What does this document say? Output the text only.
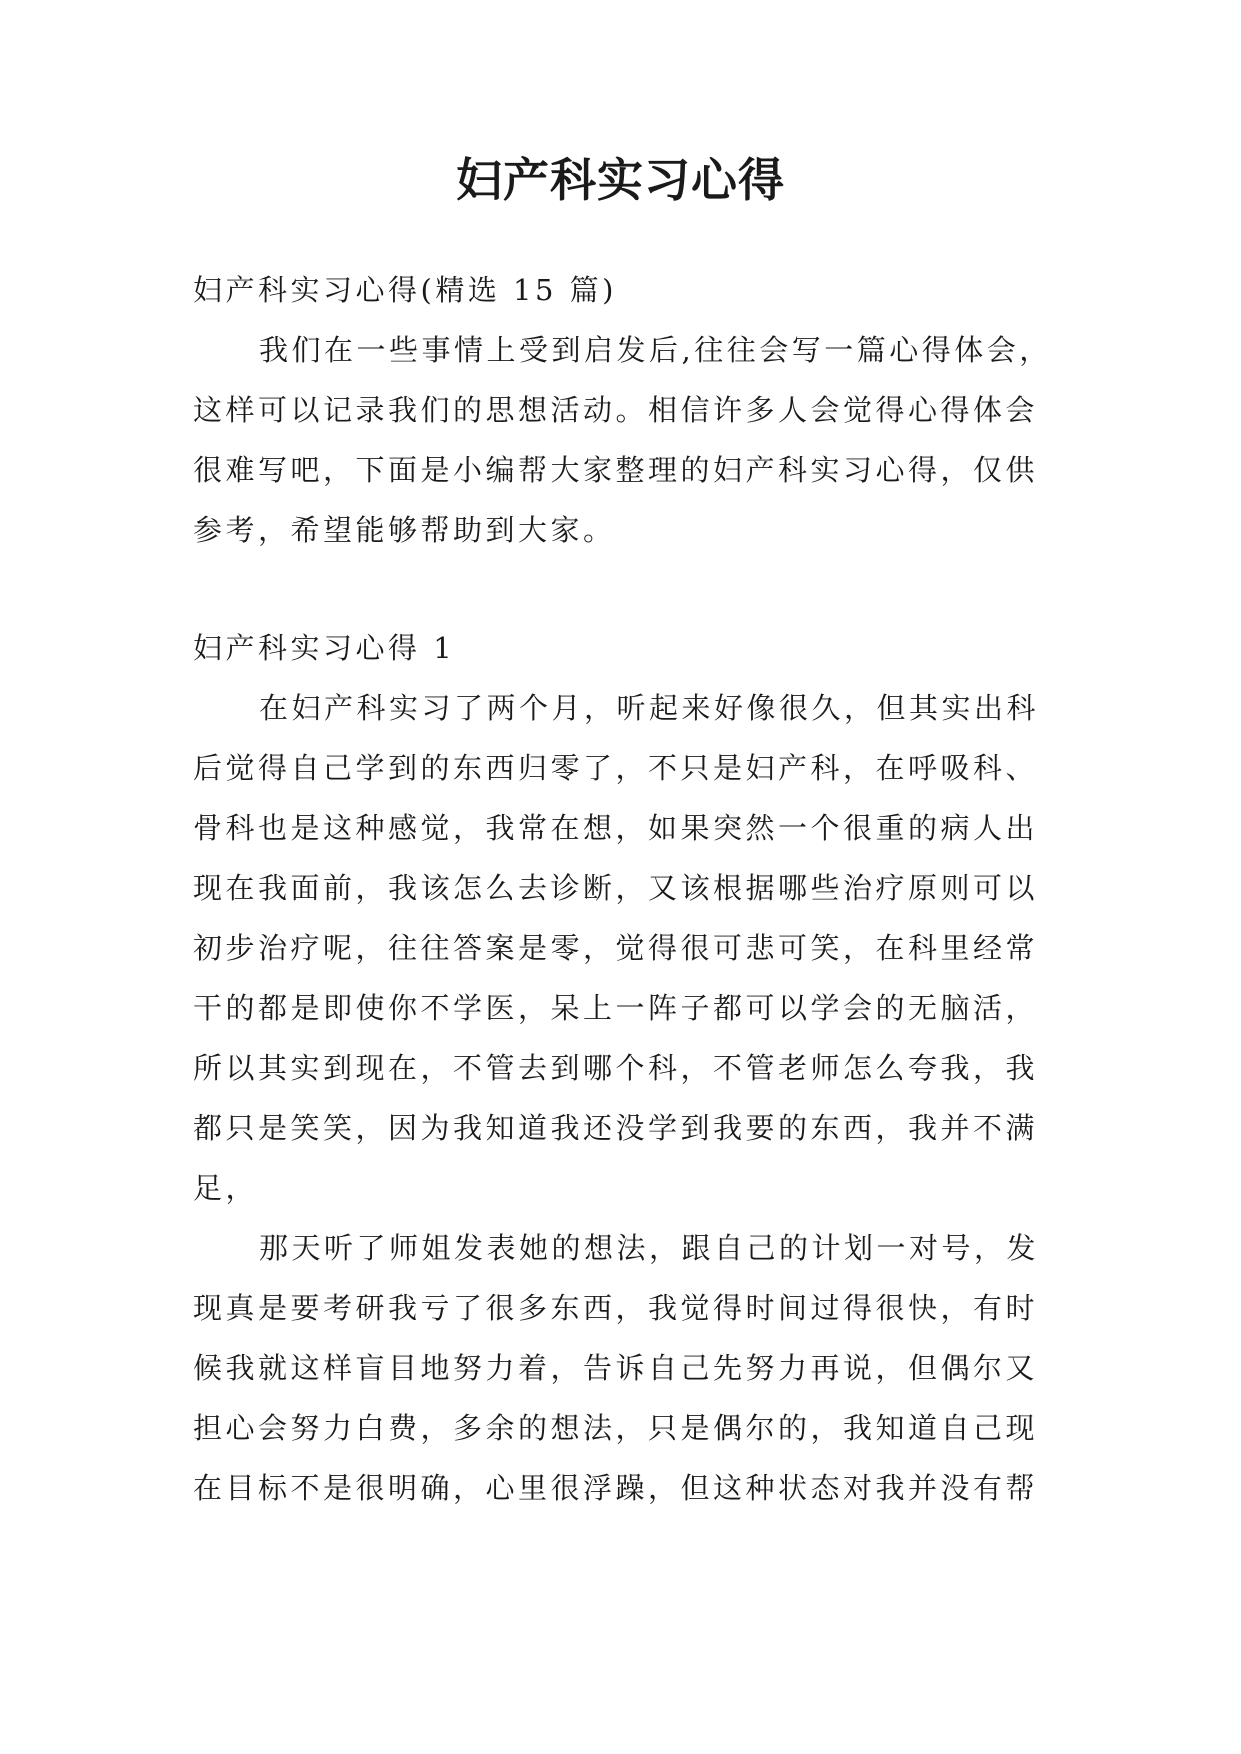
妇产科实习心得
妇产科实习心得(精选 15 篇)
我们在一些事情上受到启发后,往往会写一篇心得体会，
这样可以记录我们的思想活动。相信许多人会觉得心得体会
很难写吧，下面是小编帮大家整理的妇产科实习心得，仅供
参考，希望能够帮助到大家。
妇产科实习心得 1
在妇产科实习了两个月，听起来好像很久，但其实出科
后觉得自己学到的东西归零了，不只是妇产科，在呼吸科、
骨科也是这种感觉，我常在想，如果突然一个很重的病人出
现在我面前，我该怎么去诊断，又该根据哪些治疗原则可以
初步治疗呢，往往答案是零，觉得很可悲可笑，在科里经常
干的都是即使你不学医，呆上一阵子都可以学会的无脑活，
所以其实到现在，不管去到哪个科，不管老师怎么夸我，我
都只是笑笑，因为我知道我还没学到我要的东西，我并不满
足，
那天听了师姐发表她的想法，跟自己的计划一对号，发
现真是要考研我亏了很多东西，我觉得时间过得很快，有时
候我就这样盲目地努力着，告诉自己先努力再说，但偶尔又
担心会努力白费，多余的想法，只是偶尔的，我知道自己现
在目标不是很明确，心里很浮躁，但这种状态对我并没有帮
